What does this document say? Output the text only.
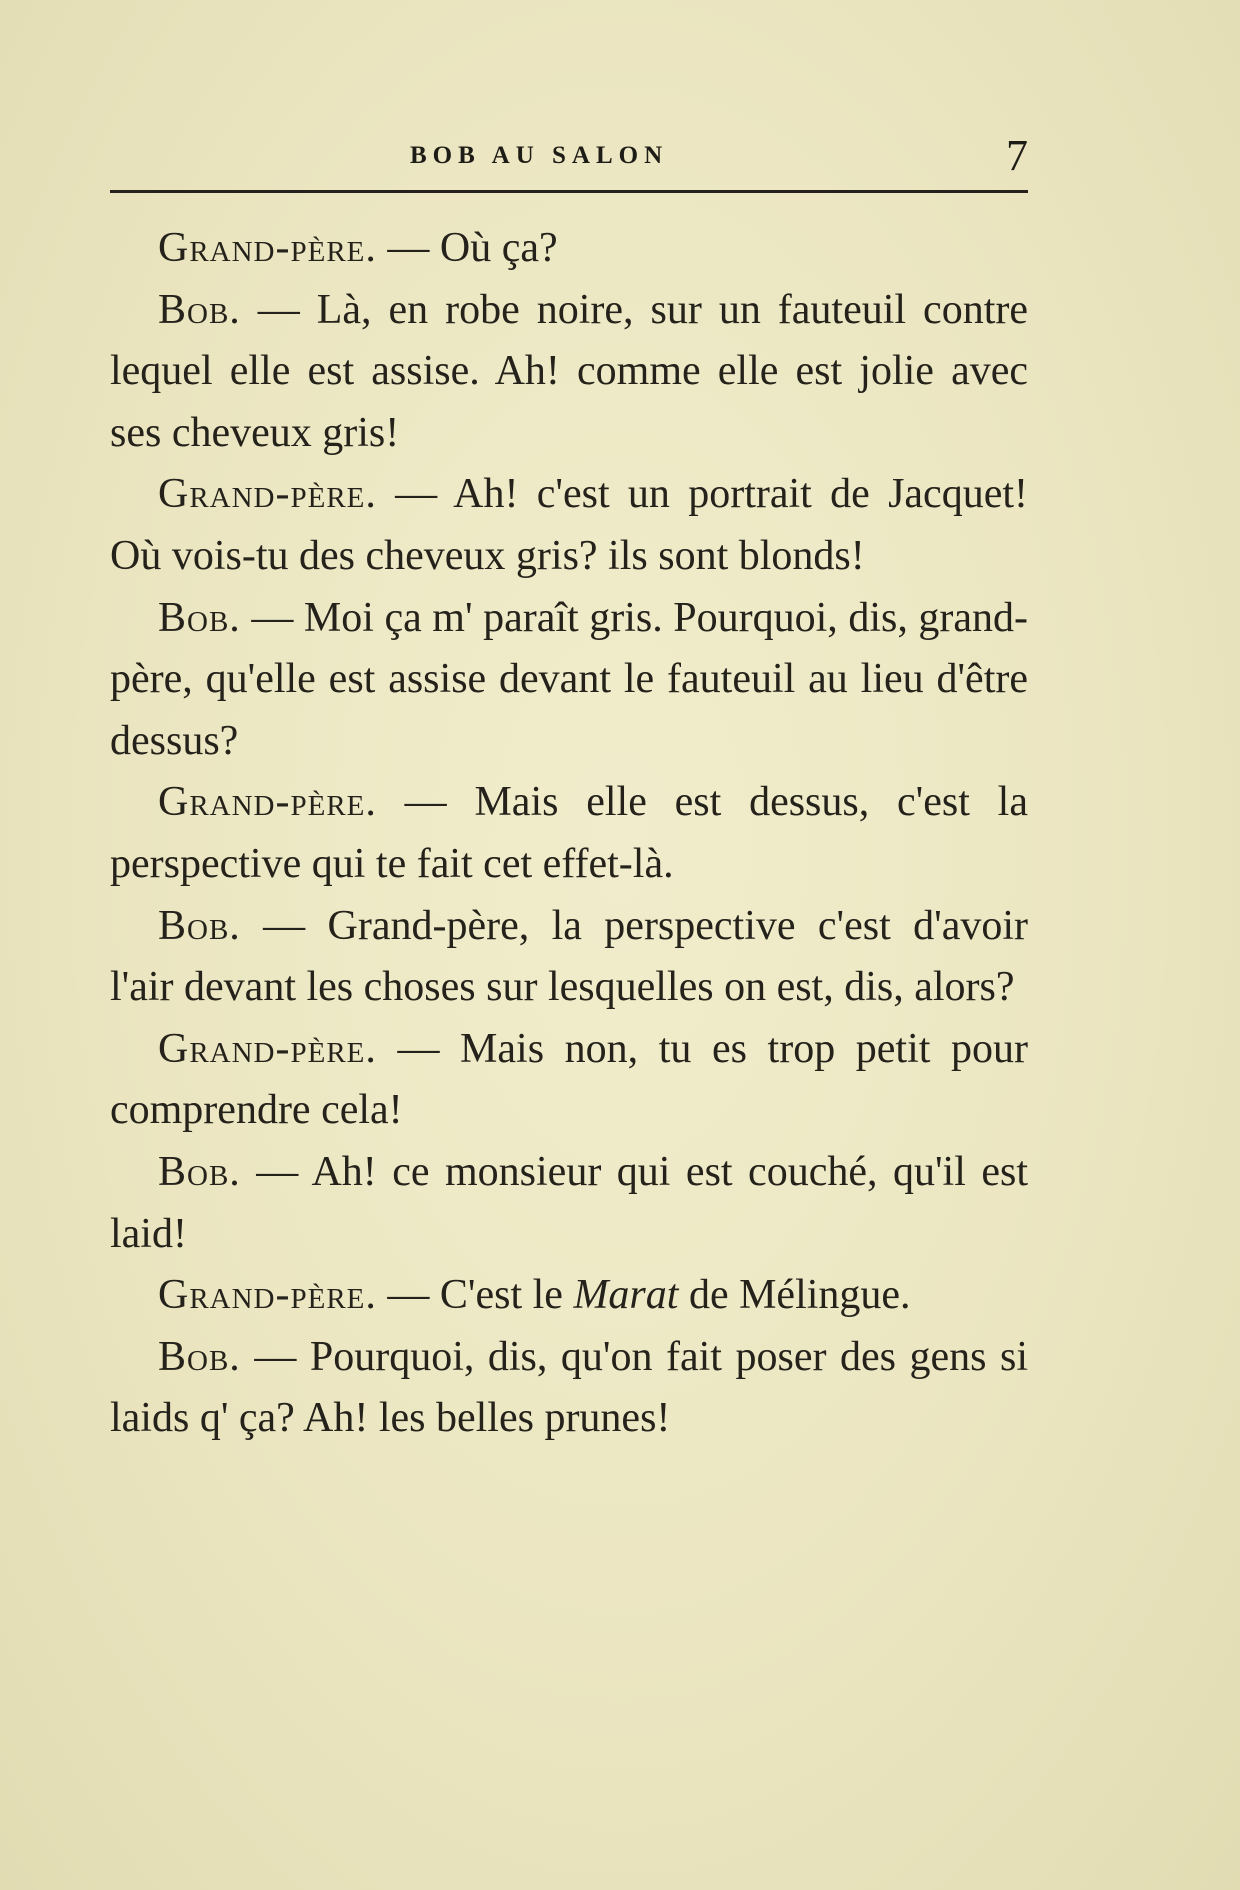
BOB AU SALON	7

Grand-père. — Où ça?

Bob. — Là, en robe noire, sur un fauteuil contre lequel elle est assise. Ah! comme elle est jolie avec ses cheveux gris!

Grand-père. — Ah! c'est un portrait de Jacquet! Où vois-tu des cheveux gris? ils sont blonds!

Bob. — Moi ça m' paraît gris. Pourquoi, dis, grand-père, qu'elle est assise devant le fauteuil au lieu d'être dessus?

Grand-père. — Mais elle est dessus, c'est la perspective qui te fait cet effet-là.

Bob. — Grand-père, la perspective c'est d'avoir l'air devant les choses sur lesquelles on est, dis, alors?

Grand-père. — Mais non, tu es trop petit pour comprendre cela!

Bob. — Ah! ce monsieur qui est couché, qu'il est laid!

Grand-père. — C'est le Marat de Mélingue.

Bob. — Pourquoi, dis, qu'on fait poser des gens si laids q' ça? Ah! les belles prunes!
